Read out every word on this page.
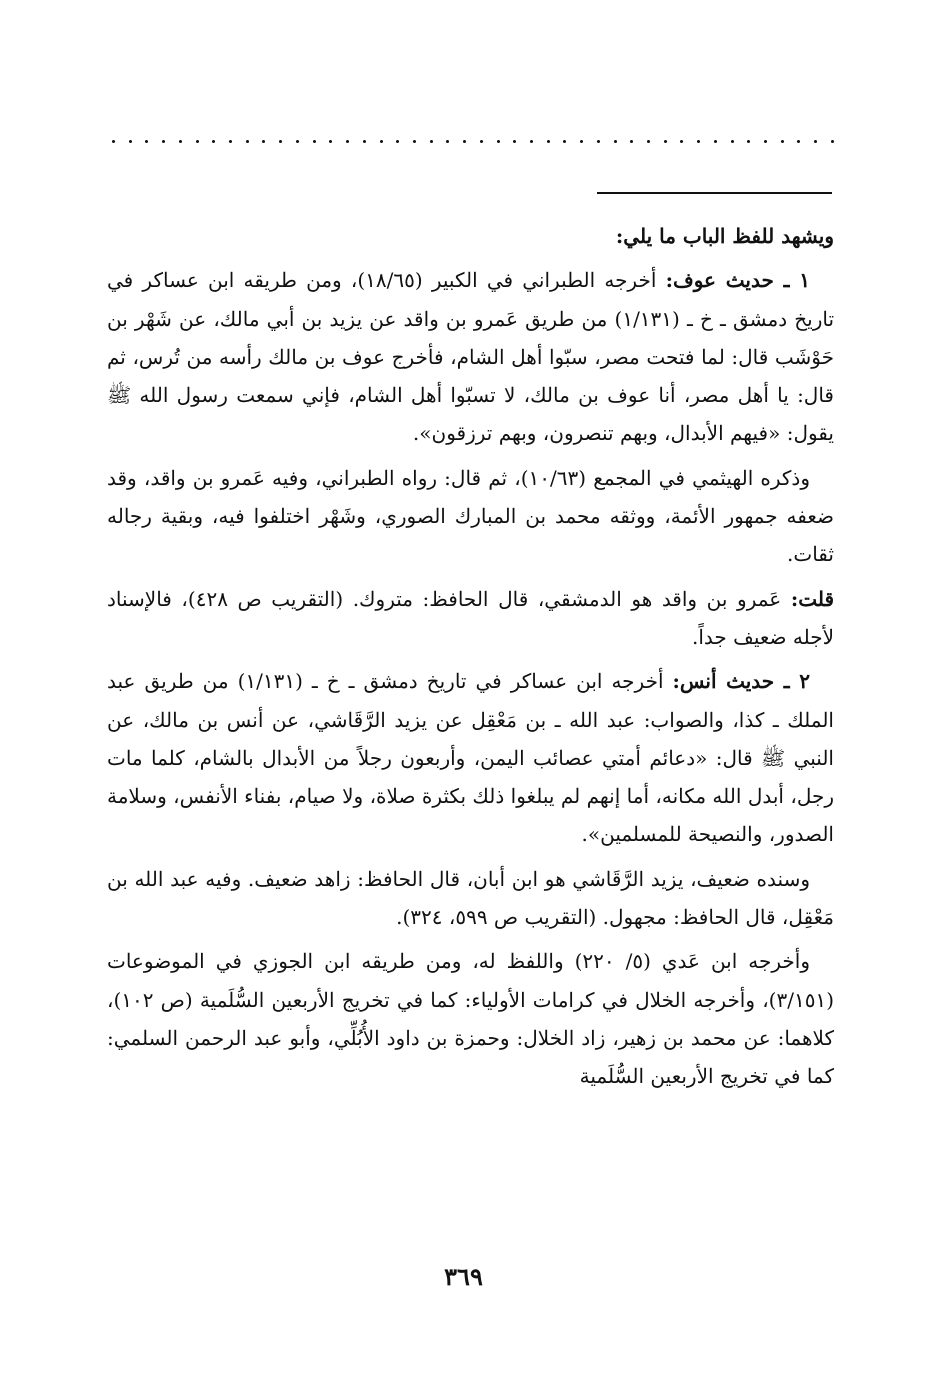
ويشهد للفظ الباب ما يلي:

١ ـ حديث عوف: أخرجه الطبراني في الكبير (١٨/٦٥)، ومن طريقه ابن عساكر في تاريخ دمشق ـ خ ـ (١/١٣١) من طريق عَمرو بن واقد عن يزيد بن أبي مالك، عن شَهْر بن حَوْشَب قال: لما فتحت مصر، سبّوا أهل الشام، فأخرج عوف بن مالك رأسه من تُرس، ثم قال: يا أهل مصر، أنا عوف بن مالك، لا تسبّوا أهل الشام، فإني سمعت رسول الله ﷺ يقول: «فيهم الأبدال، وبهم تنصرون، وبهم ترزقون».

وذكره الهيثمي في المجمع (١٠/٦٣)، ثم قال: رواه الطبراني، وفيه عَمرو بن واقد، وقد ضعفه جمهور الأئمة، ووثقه محمد بن المبارك الصوري، وشَهْر اختلفوا فيه، وبقية رجاله ثقات.

قلت: عَمرو بن واقد هو الدمشقي، قال الحافظ: متروك. (التقريب ص ٤٢٨)، فالإسناد لأجله ضعيف جداً.

٢ ـ حديث أنس: أخرجه ابن عساكر في تاريخ دمشق ـ خ ـ (١/١٣١) من طريق عبد الملك ـ كذا، والصواب: عبد الله ـ بن مَعْقِل عن يزيد الرَّقَاشي، عن أنس بن مالك، عن النبي ﷺ قال: «دعائم أمتي عصائب اليمن، وأربعون رجلاً من الأبدال بالشام، كلما مات رجل، أبدل الله مكانه، أما إنهم لم يبلغوا ذلك بكثرة صلاة، ولا صيام، بفناء الأنفس، وسلامة الصدور، والنصيحة للمسلمين».

وسنده ضعيف، يزيد الرَّقَاشي هو ابن أبان، قال الحافظ: زاهد ضعيف. وفيه عبد الله بن مَعْقِل، قال الحافظ: مجهول. (التقريب ص ٥٩٩، ٣٢٤).

وأخرجه ابن عَدي (٥/ ٢٢٠) واللفظ له، ومن طريقه ابن الجوزي في الموضوعات (٣/١٥١)، وأخرجه الخلال في كرامات الأولياء: كما في تخريج الأربعين السُّلَمية (ص ١٠٢)، كلاهما: عن محمد بن زهير، زاد الخلال: وحمزة بن داود الأُبُلِّي، وأبو عبد الرحمن السلمي: كما في تخريج الأربعين السُّلَمية

٣٦٩
